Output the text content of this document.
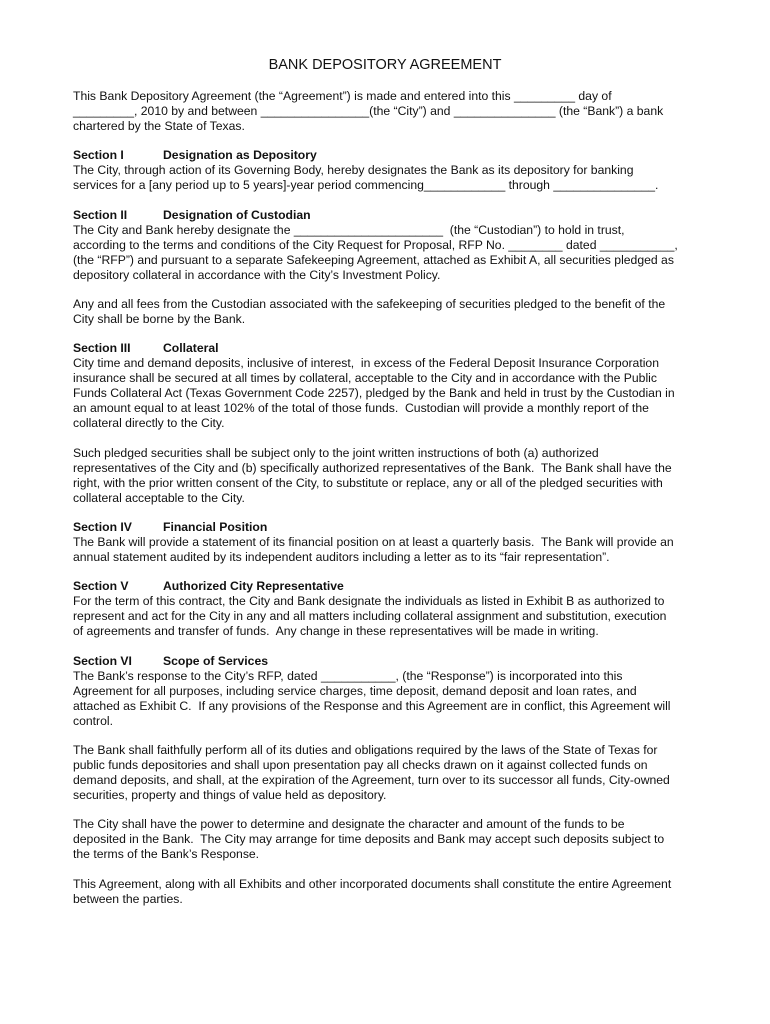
BANK DEPOSITORY AGREEMENT
This Bank Depository Agreement (the “Agreement”) is made and entered into this _________ day of
_________, 2010 by and between ________________(the “City”) and _______________ (the “Bank”) a bank
chartered by the State of Texas.
Section I	Designation as Depository
The City, through action of its Governing Body, hereby designates the Bank as its depository for banking
services for a [any period up to 5 years]-year period commencing____________ through _______________.
Section II	Designation of Custodian
The City and Bank hereby designate the ______________________  (the “Custodian”) to hold in trust,
according to the terms and conditions of the City Request for Proposal, RFP No. ________ dated ___________,
(the “RFP”) and pursuant to a separate Safekeeping Agreement, attached as Exhibit A, all securities pledged as
depository collateral in accordance with the City’s Investment Policy.
Any and all fees from the Custodian associated with the safekeeping of securities pledged to the benefit of the
City shall be borne by the Bank.
Section III	Collateral
City time and demand deposits, inclusive of interest,  in excess of the Federal Deposit Insurance Corporation
insurance shall be secured at all times by collateral, acceptable to the City and in accordance with the Public
Funds Collateral Act (Texas Government Code 2257), pledged by the Bank and held in trust by the Custodian in
an amount equal to at least 102% of the total of those funds.  Custodian will provide a monthly report of the
collateral directly to the City.
Such pledged securities shall be subject only to the joint written instructions of both (a) authorized
representatives of the City and (b) specifically authorized representatives of the Bank.  The Bank shall have the
right, with the prior written consent of the City, to substitute or replace, any or all of the pledged securities with
collateral acceptable to the City.
Section IV	Financial Position
The Bank will provide a statement of its financial position on at least a quarterly basis.  The Bank will provide an
annual statement audited by its independent auditors including a letter as to its “fair representation”.
Section V	Authorized City Representative
For the term of this contract, the City and Bank designate the individuals as listed in Exhibit B as authorized to
represent and act for the City in any and all matters including collateral assignment and substitution, execution
of agreements and transfer of funds.  Any change in these representatives will be made in writing.
Section VI	Scope of Services
The Bank’s response to the City’s RFP, dated ___________, (the “Response”) is incorporated into this
Agreement for all purposes, including service charges, time deposit, demand deposit and loan rates, and
attached as Exhibit C.  If any provisions of the Response and this Agreement are in conflict, this Agreement will
control.
The Bank shall faithfully perform all of its duties and obligations required by the laws of the State of Texas for
public funds depositories and shall upon presentation pay all checks drawn on it against collected funds on
demand deposits, and shall, at the expiration of the Agreement, turn over to its successor all funds, City-owned
securities, property and things of value held as depository.
The City shall have the power to determine and designate the character and amount of the funds to be
deposited in the Bank.  The City may arrange for time deposits and Bank may accept such deposits subject to
the terms of the Bank’s Response.
This Agreement, along with all Exhibits and other incorporated documents shall constitute the entire Agreement
between the parties.
